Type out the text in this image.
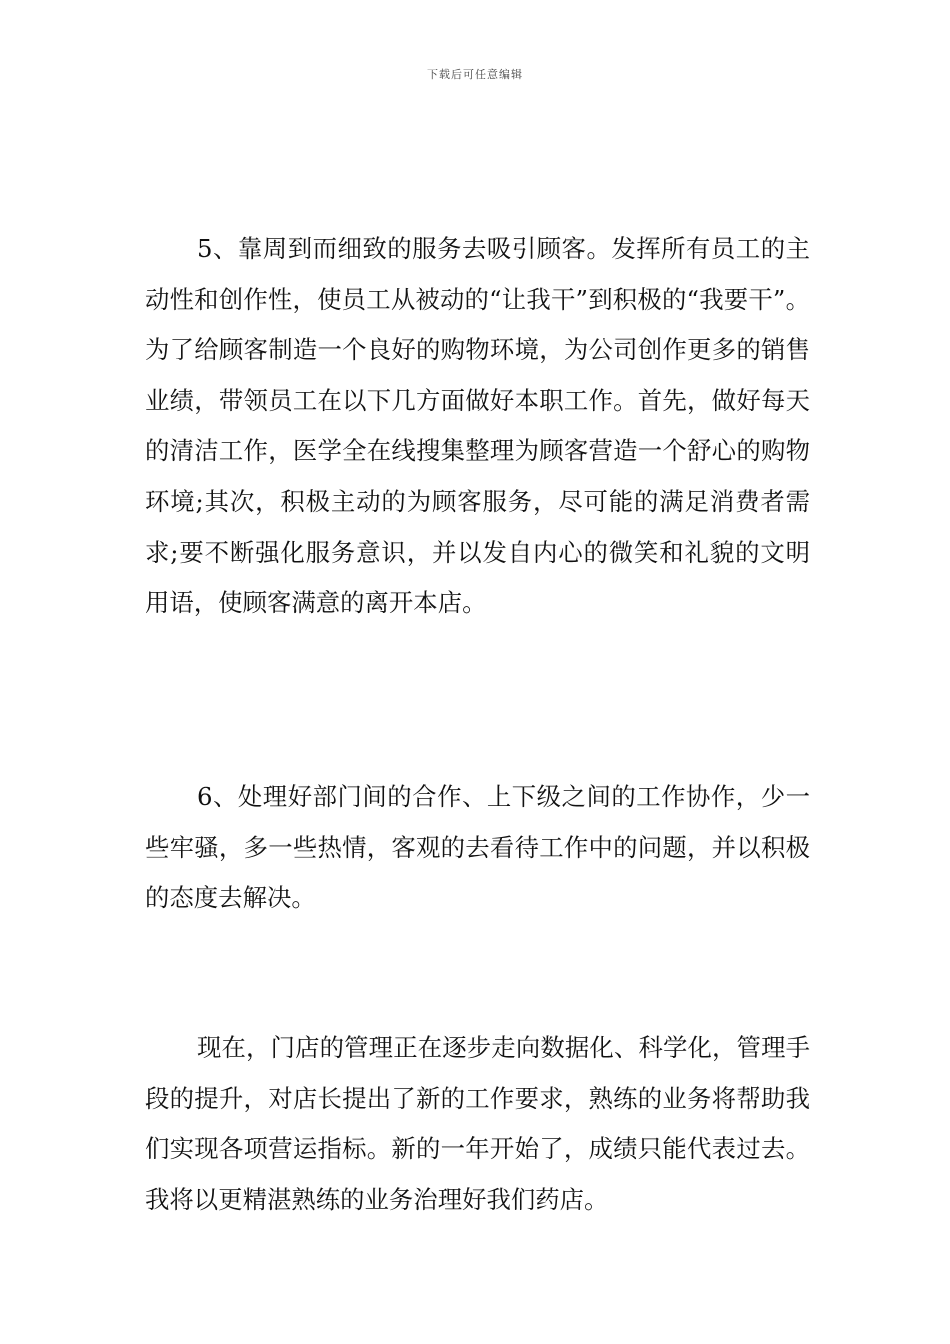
下载后可任意编辑

5、靠周到而细致的服务去吸引顾客。发挥所有员工的主动性和创作性，使员工从被动的“让我干”到积极的“我要干”。为了给顾客制造一个良好的购物环境，为公司创作更多的销售业绩，带领员工在以下几方面做好本职工作。首先，做好每天的清洁工作，医学全在线搜集整理为顾客营造一个舒心的购物环境;其次，积极主动的为顾客服务，尽可能的满足消费者需求;要不断强化服务意识，并以发自内心的微笑和礼貌的文明用语，使顾客满意的离开本店。

6、处理好部门间的合作、上下级之间的工作协作，少一些牢骚，多一些热情，客观的去看待工作中的问题，并以积极的态度去解决。

现在，门店的管理正在逐步走向数据化、科学化，管理手段的提升，对店长提出了新的工作要求，熟练的业务将帮助我们实现各项营运指标。新的一年开始了，成绩只能代表过去。我将以更精湛熟练的业务治理好我们药店。
